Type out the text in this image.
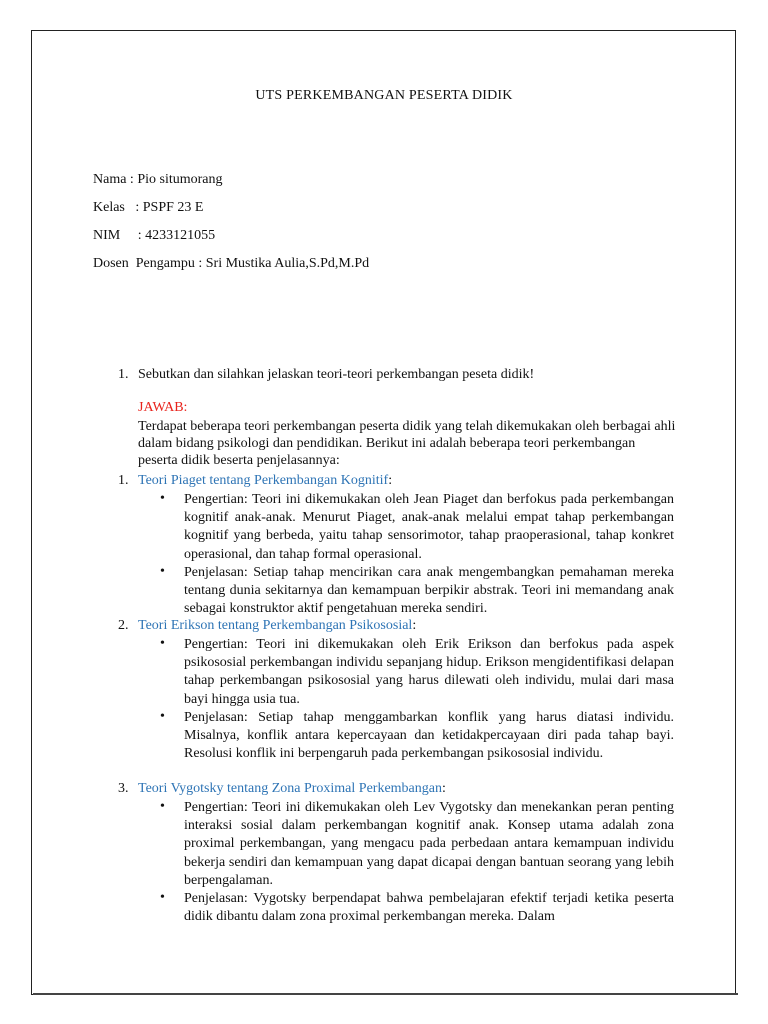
UTS PERKEMBANGAN PESERTA DIDIK
Nama : Pio situmorang
Kelas   : PSPF 23 E
NIM     : 4233121055
Dosen  Pengampu : Sri Mustika Aulia,S.Pd,M.Pd
1. Sebutkan dan silahkan jelaskan teori-teori perkembangan peseta didik!
JAWAB:
Terdapat beberapa teori perkembangan peserta didik yang telah dikemukakan oleh berbagai ahli dalam bidang psikologi dan pendidikan. Berikut ini adalah beberapa teori perkembangan peserta didik beserta penjelasannya:
1. Teori Piaget tentang Perkembangan Kognitif:
• Pengertian: Teori ini dikemukakan oleh Jean Piaget dan berfokus pada perkembangan kognitif anak-anak. Menurut Piaget, anak-anak melalui empat tahap perkembangan kognitif yang berbeda, yaitu tahap sensorimotor, tahap praoperasional, tahap konkret operasional, dan tahap formal operasional.
• Penjelasan: Setiap tahap mencirikan cara anak mengembangkan pemahaman mereka tentang dunia sekitarnya dan kemampuan berpikir abstrak. Teori ini memandang anak sebagai konstruktor aktif pengetahuan mereka sendiri.
2. Teori Erikson tentang Perkembangan Psikososial:
• Pengertian: Teori ini dikemukakan oleh Erik Erikson dan berfokus pada aspek psikososial perkembangan individu sepanjang hidup. Erikson mengidentifikasi delapan tahap perkembangan psikososial yang harus dilewati oleh individu, mulai dari masa bayi hingga usia tua.
• Penjelasan: Setiap tahap menggambarkan konflik yang harus diatasi individu. Misalnya, konflik antara kepercayaan dan ketidakpercayaan diri pada tahap bayi. Resolusi konflik ini berpengaruh pada perkembangan psikososial individu.
3. Teori Vygotsky tentang Zona Proximal Perkembangan:
• Pengertian: Teori ini dikemukakan oleh Lev Vygotsky dan menekankan peran penting interaksi sosial dalam perkembangan kognitif anak. Konsep utama adalah zona proximal perkembangan, yang mengacu pada perbedaan antara kemampuan individu bekerja sendiri dan kemampuan yang dapat dicapai dengan bantuan seorang yang lebih berpengalaman.
• Penjelasan: Vygotsky berpendapat bahwa pembelajaran efektif terjadi ketika peserta didik dibantu dalam zona proximal perkembangan mereka. Dalam
